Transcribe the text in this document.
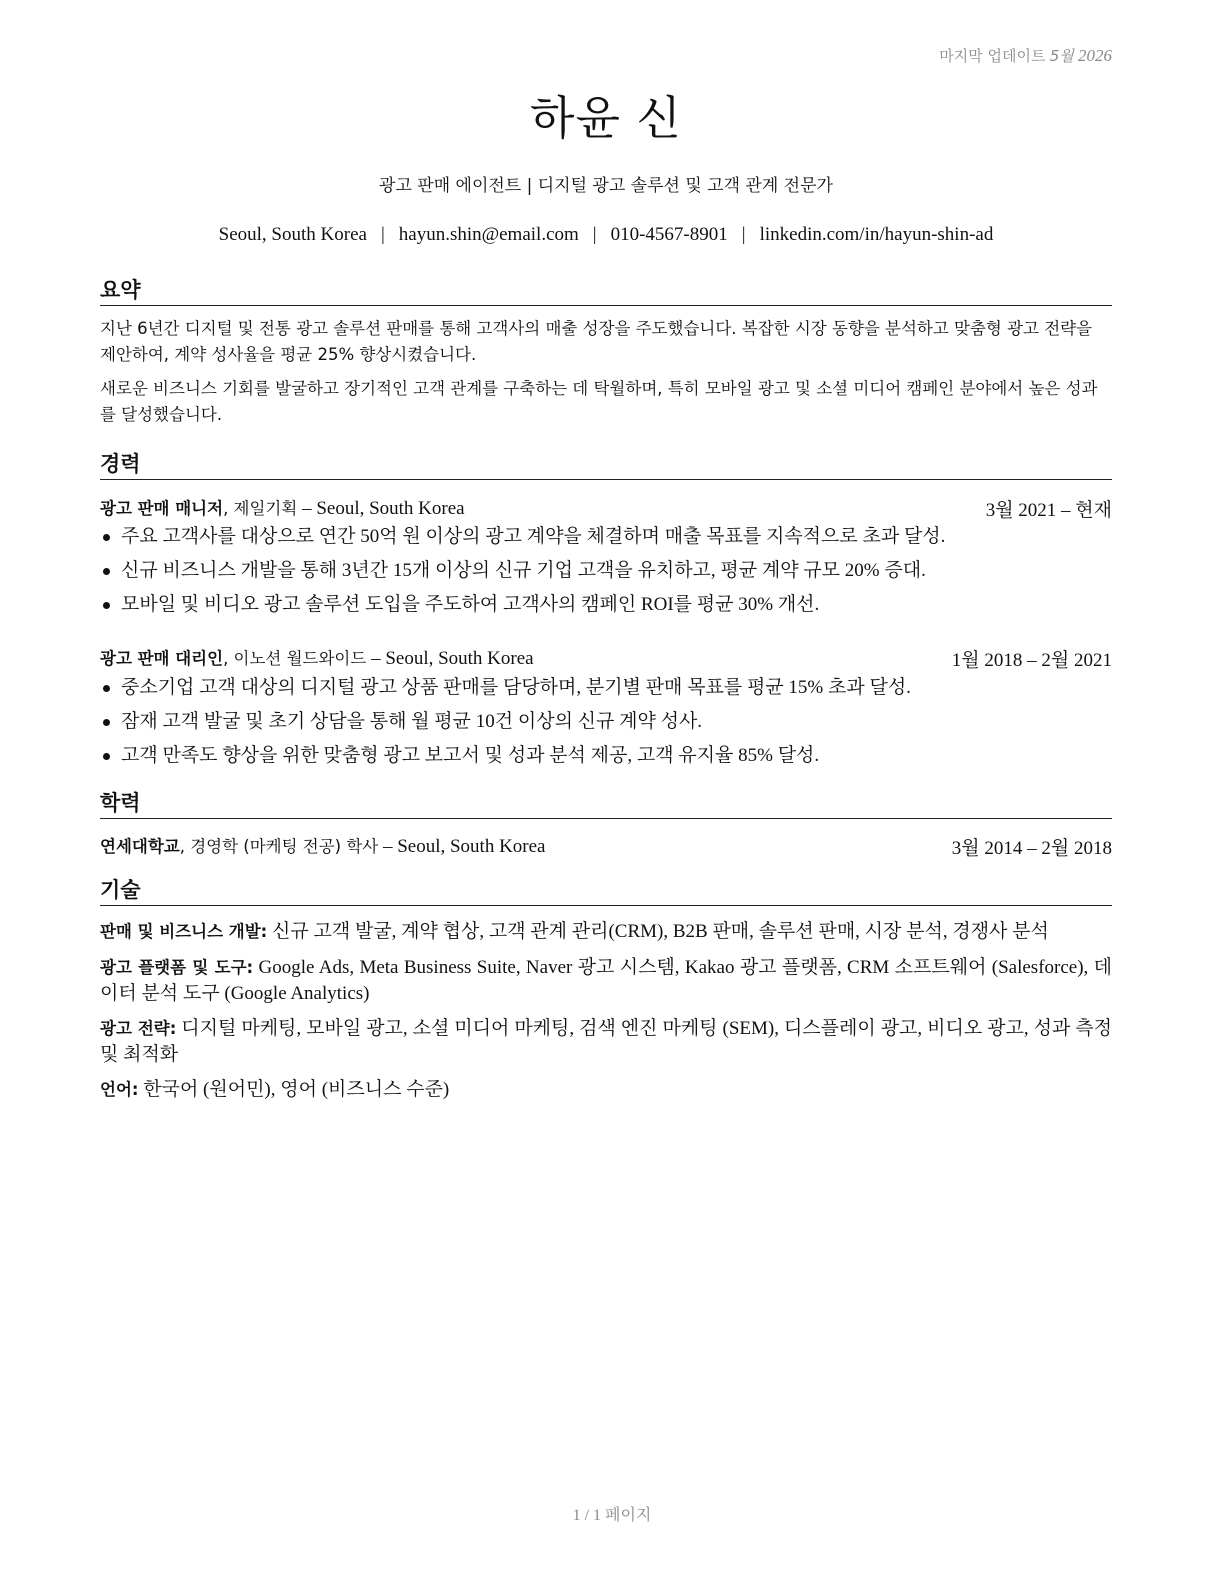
마지막 업데이트 5월 2026
하윤 신
광고 판매 에이전트 | 디지털 광고 솔루션 및 고객 관계 전문가
Seoul, South Korea | hayun.shin@email.com | 010-4567-8901 | linkedin.com/in/hayun-shin-ad
요약

지난 6년간 디지털 및 전통 광고 솔루션 판매를 통해 고객사의 매출 성장을 주도했습니다. 복잡한 시장 동향을 분석하고 맞춤형 광고 전략을 제안하여, 계약 성사율을 평균 25% 향상시켰습니다.

새로운 비즈니스 기회를 발굴하고 장기적인 고객 관계를 구축하는 데 탁월하며, 특히 모바일 광고 및 소셜 미디어 캠페인 분야에서 높은 성과를 달성했습니다.

경력
광고 판매 매니저, 제일기획 – Seoul, South Korea	3월 2021 – 현재
주요 고객사를 대상으로 연간 50억 원 이상의 광고 계약을 체결하며 매출 목표를 지속적으로 초과 달성.
신규 비즈니스 개발을 통해 3년간 15개 이상의 신규 기업 고객을 유치하고, 평균 계약 규모 20% 증대.
모바일 및 비디오 광고 솔루션 도입을 주도하여 고객사의 캠페인 ROI를 평균 30% 개선.
광고 판매 대리인, 이노션 월드와이드 – Seoul, South Korea	1월 2018 – 2월 2021
중소기업 고객 대상의 디지털 광고 상품 판매를 담당하며, 분기별 판매 목표를 평균 15% 초과 달성.
잠재 고객 발굴 및 초기 상담을 통해 월 평균 10건 이상의 신규 계약 성사.
고객 만족도 향상을 위한 맞춤형 광고 보고서 및 성과 분석 제공, 고객 유지율 85% 달성.
학력
연세대학교, 경영학 (마케팅 전공) 학사 – Seoul, South Korea	3월 2014 – 2월 2018
기술
판매 및 비즈니스 개발: 신규 고객 발굴, 계약 협상, 고객 관계 관리(CRM), B2B 판매, 솔루션 판매, 시장 분석, 경쟁사 분석
광고 플랫폼 및 도구: Google Ads, Meta Business Suite, Naver 광고 시스템, Kakao 광고 플랫폼, CRM 소프트웨어 (Salesforce), 데이터 분석 도구 (Google Analytics)
광고 전략: 디지털 마케팅, 모바일 광고, 소셜 미디어 마케팅, 검색 엔진 마케팅 (SEM), 디스플레이 광고, 비디오 광고, 성과 측정 및 최적화
언어: 한국어 (원어민), 영어 (비즈니스 수준)
1 / 1 페이지
